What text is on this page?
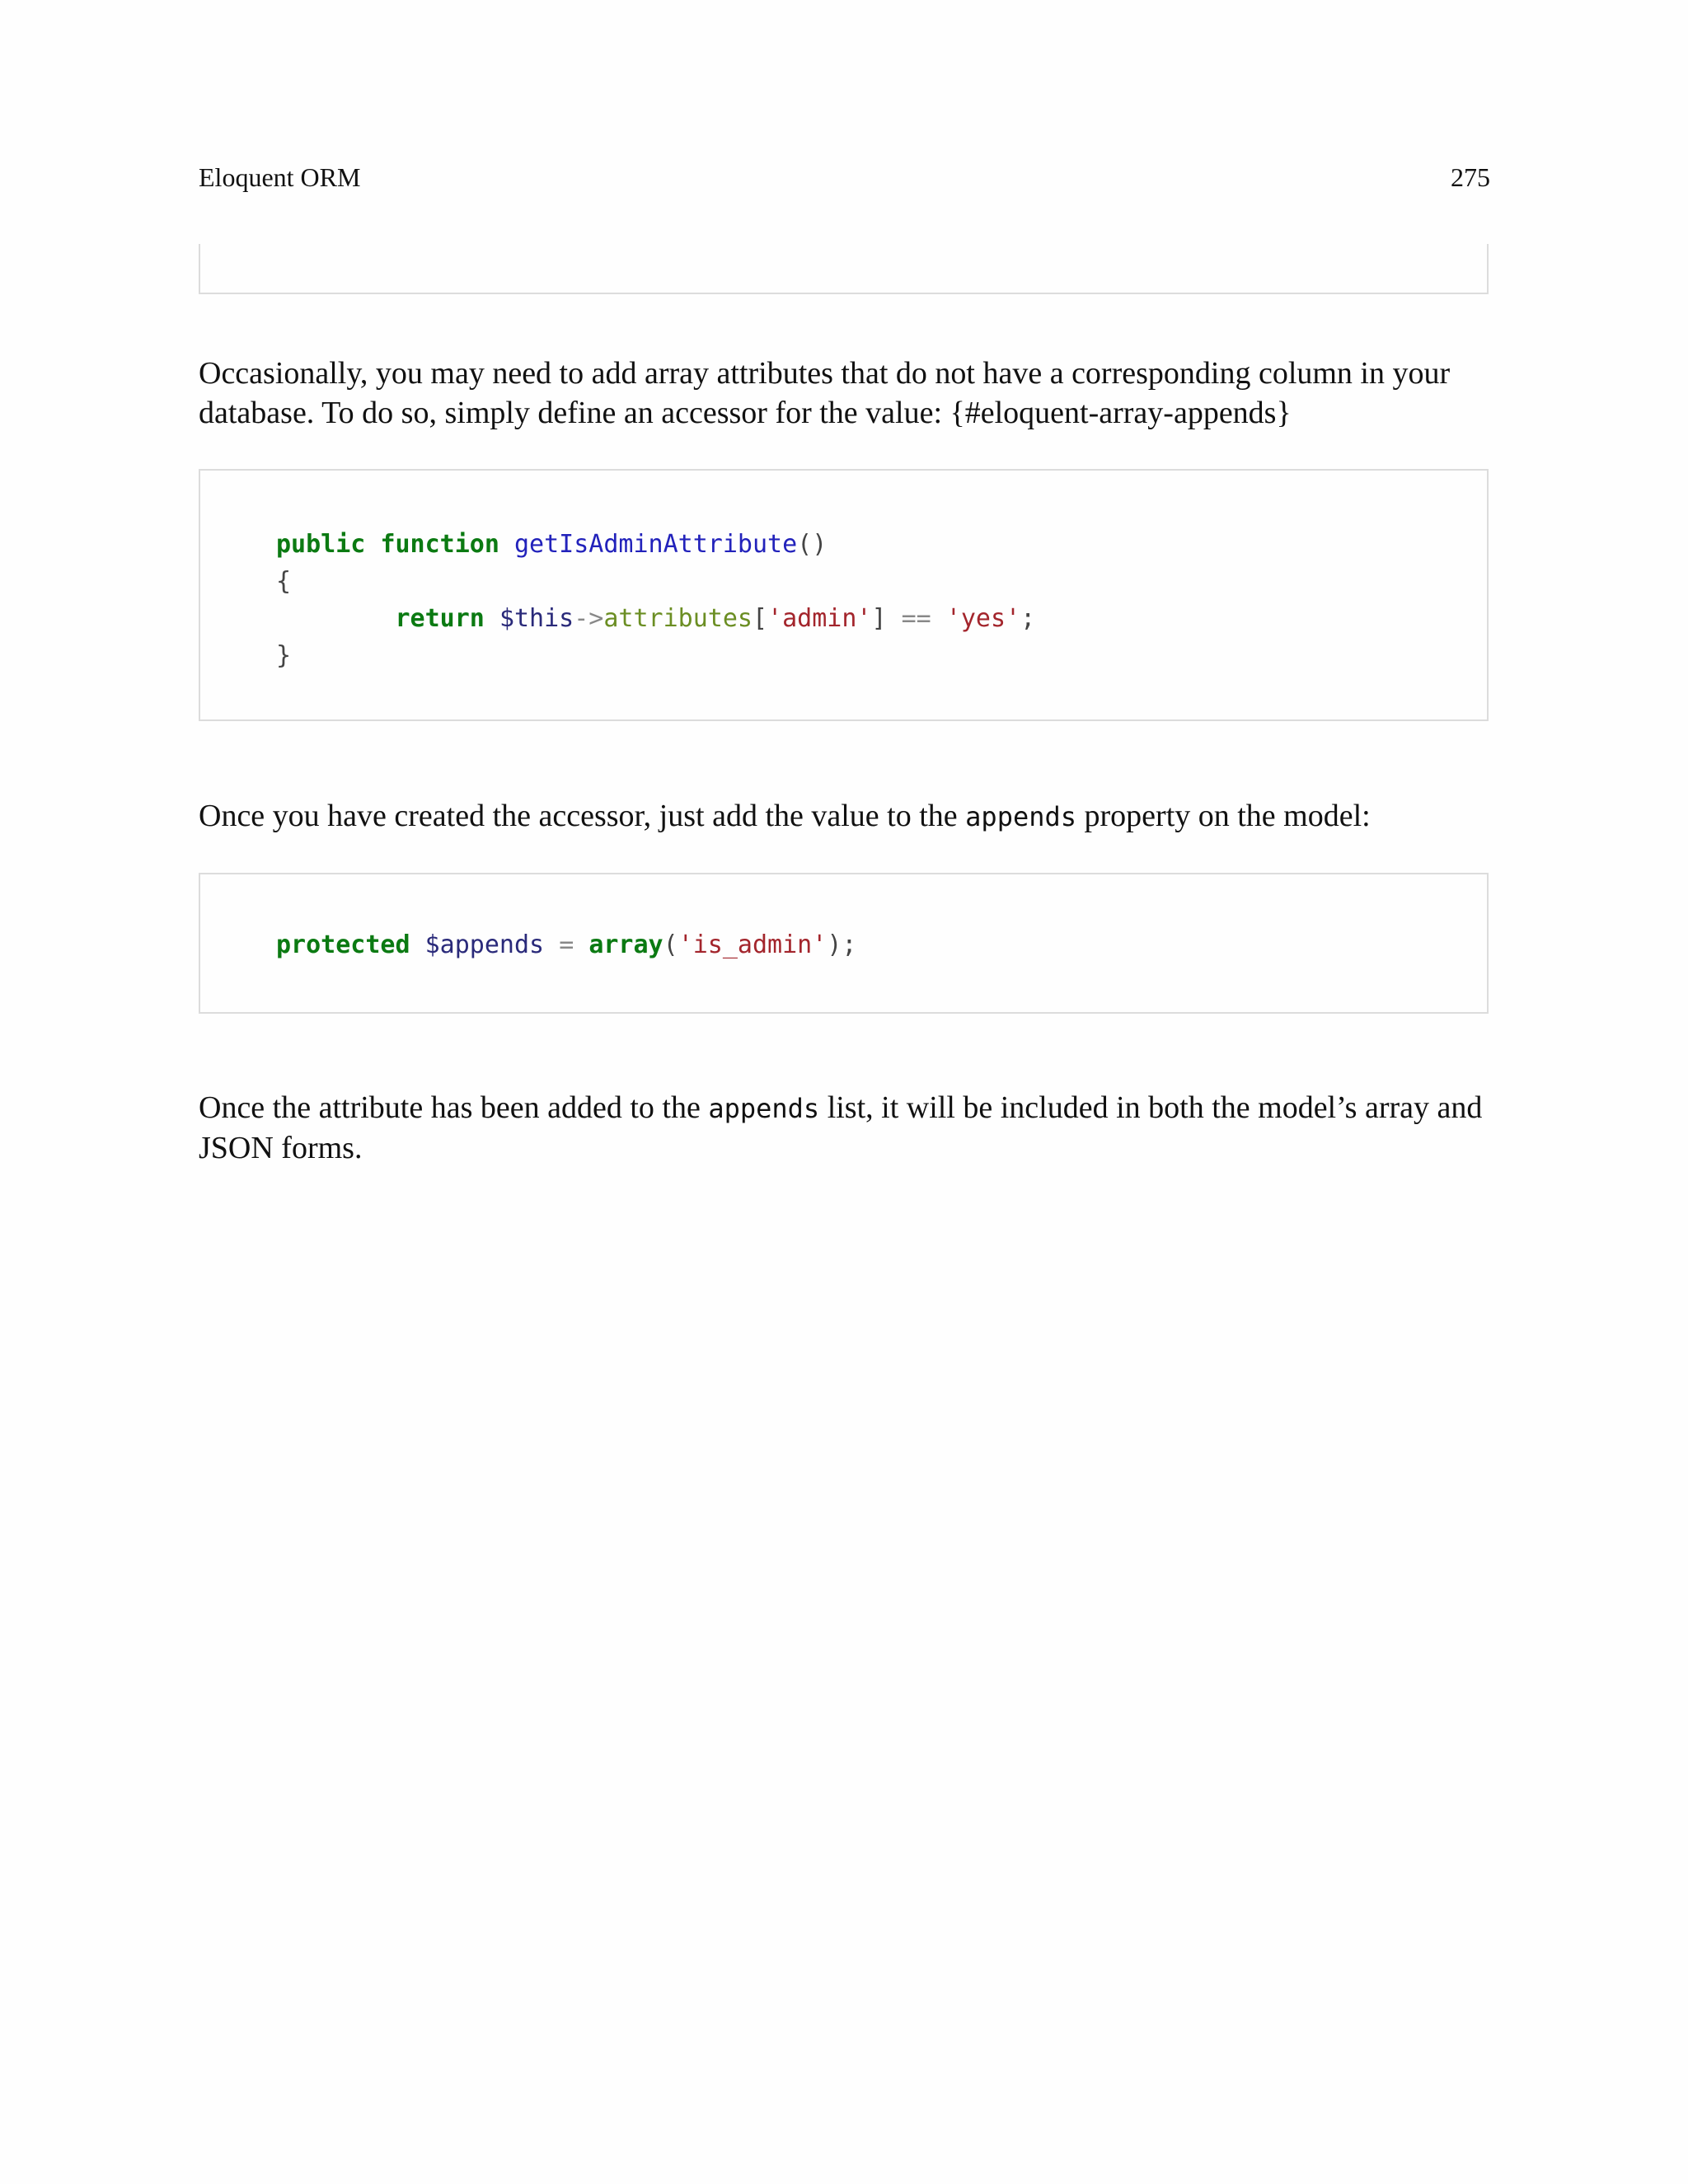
Eloquent ORM	275

Occasionally, you may need to add array attributes that do not have a corresponding column in your database. To do so, simply define an accessor for the value: {#eloquent-array-appends}

public function getIsAdminAttribute()
{
return $this->attributes['admin'] == 'yes';
}

Once you have created the accessor, just add the value to the appends property on the model:

protected $appends = array('is_admin');

Once the attribute has been added to the appends list, it will be included in both the model’s array and JSON forms.
